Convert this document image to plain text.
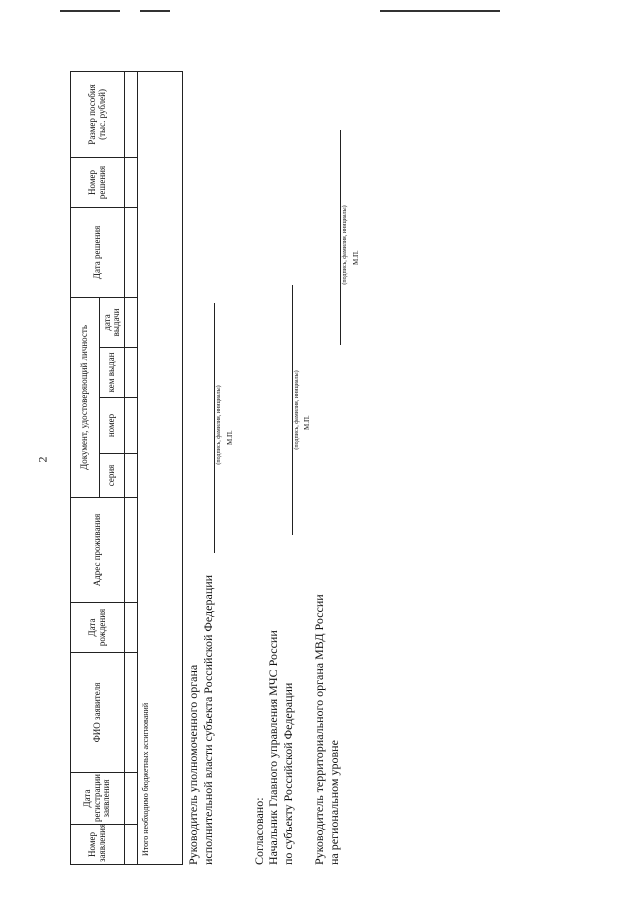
2
Номер заявления	Дата регистрации заявления	ФИО заявителя	Дата рождения	Адрес проживания	Документ, удостоверяющий личность				Дата решения	Номер решения	Размер пособия (тыс. рублей)
					серия	номер	кем выдан	дата выдачи			

Итого необходимо бюджетных ассигнований												Руководитель уполномоченного органа исполнительной власти субъекта Российской Федерации
(подпись, фамилия, инициалы) М.П.
Согласовано: Начальник Главного управления МЧС России по субъекту Российской Федерации
(подпись, фамилия, инициалы) М.П.
Руководитель территориального органа МВД России на региональном уровне
(подпись, фамилия, инициалы) М.П.
